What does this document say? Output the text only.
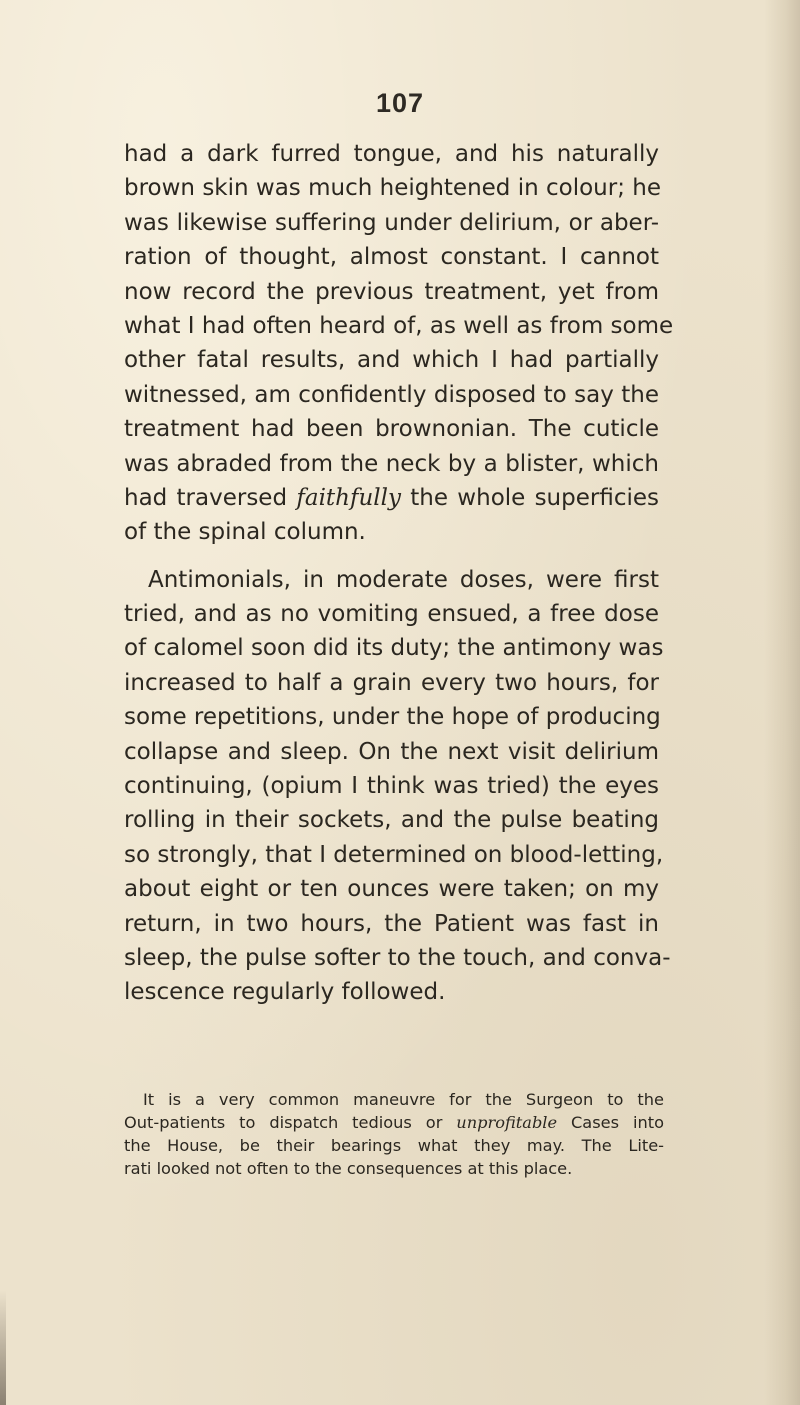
107
had a dark furred tongue, and his naturally
brown skin was much heightened in colour; he
was likewise suffering under delirium, or aber-
ration of thought, almost constant. I cannot
now record the previous treatment, yet from
what I had often heard of, as well as from some
other fatal results, and which I had partially
witnessed, am confidently disposed to say the
treatment had been brownonian. The cuticle
was abraded from the neck by a blister, which
had traversed faithfully the whole superficies
of the spinal column.
Antimonials, in moderate doses, were first
tried, and as no vomiting ensued, a free dose
of calomel soon did its duty; the antimony was
increased to half a grain every two hours, for
some repetitions, under the hope of producing
collapse and sleep. On the next visit delirium
continuing, (opium I think was tried) the eyes
rolling in their sockets, and the pulse beating
so strongly, that I determined on blood-letting,
about eight or ten ounces were taken; on my
return, in two hours, the Patient was fast in
sleep, the pulse softer to the touch, and conva-
lescence regularly followed.
It is a very common maneuvre for the Surgeon to the
Out-patients to dispatch tedious or unprofitable Cases into
the House, be their bearings what they may. The Lite-
rati looked not often to the consequences at this place.
